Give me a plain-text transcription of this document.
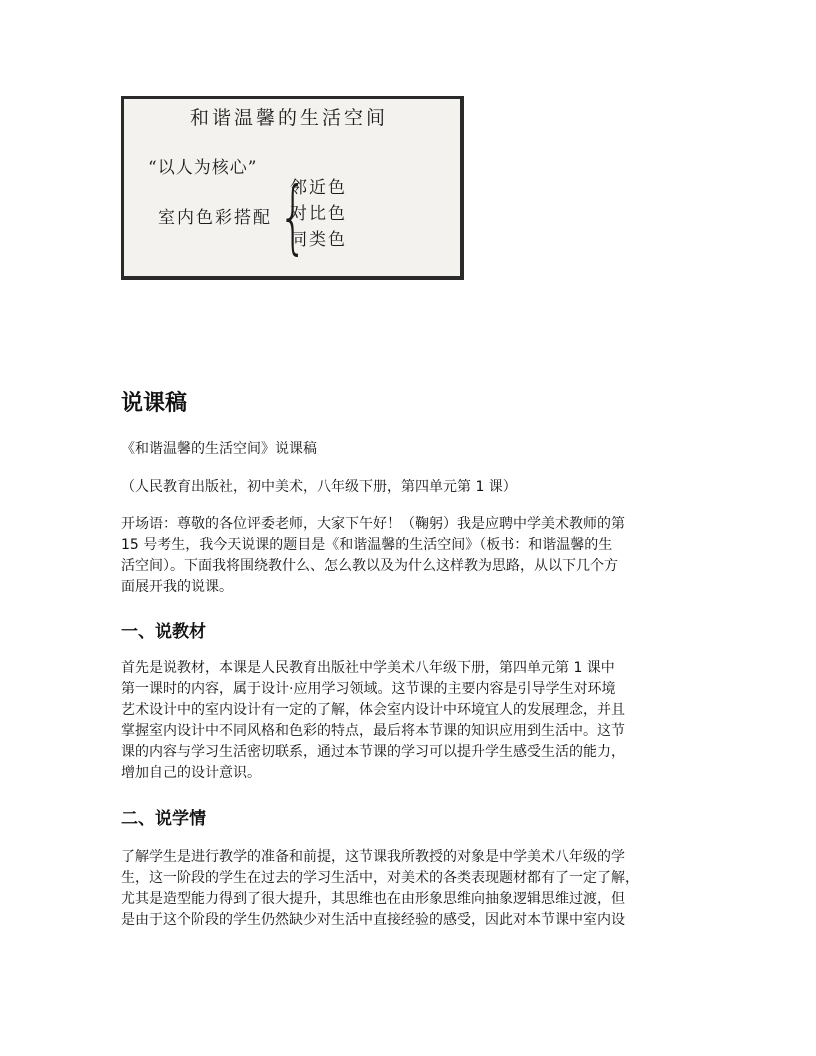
和谐温馨的生活空间
“以人为核心”
室内色彩搭配 {
邻近色
对比色
同类色
说课稿

《和谐温馨的生活空间》说课稿

（人民教育出版社，初中美术，八年级下册，第四单元第 1 课）

开场语：尊敬的各位评委老师，大家下午好！（鞠躬）我是应聘中学美术教师的第
15 号考生，我今天说课的题目是《和谐温馨的生活空间》（板书：和谐温馨的生
活空间）。下面我将围绕教什么、怎么教以及为什么这样教为思路，从以下几个方
面展开我的说课。

一、说教材

首先是说教材，本课是人民教育出版社中学美术八年级下册，第四单元第 1 课中
第一课时的内容，属于设计·应用学习领域。这节课的主要内容是引导学生对环境
艺术设计中的室内设计有一定的了解，体会室内设计中环境宜人的发展理念，并且
掌握室内设计中不同风格和色彩的特点，最后将本节课的知识应用到生活中。这节
课的内容与学习生活密切联系，通过本节课的学习可以提升学生感受生活的能力，
增加自己的设计意识。

二、说学情

了解学生是进行教学的准备和前提，这节课我所教授的对象是中学美术八年级的学
生，这一阶段的学生在过去的学习生活中，对美术的各类表现题材都有了一定了解，
尤其是造型能力得到了很大提升，其思维也在由形象思维向抽象逻辑思维过渡，但
是由于这个阶段的学生仍然缺少对生活中直接经验的感受，因此对本节课中室内设
